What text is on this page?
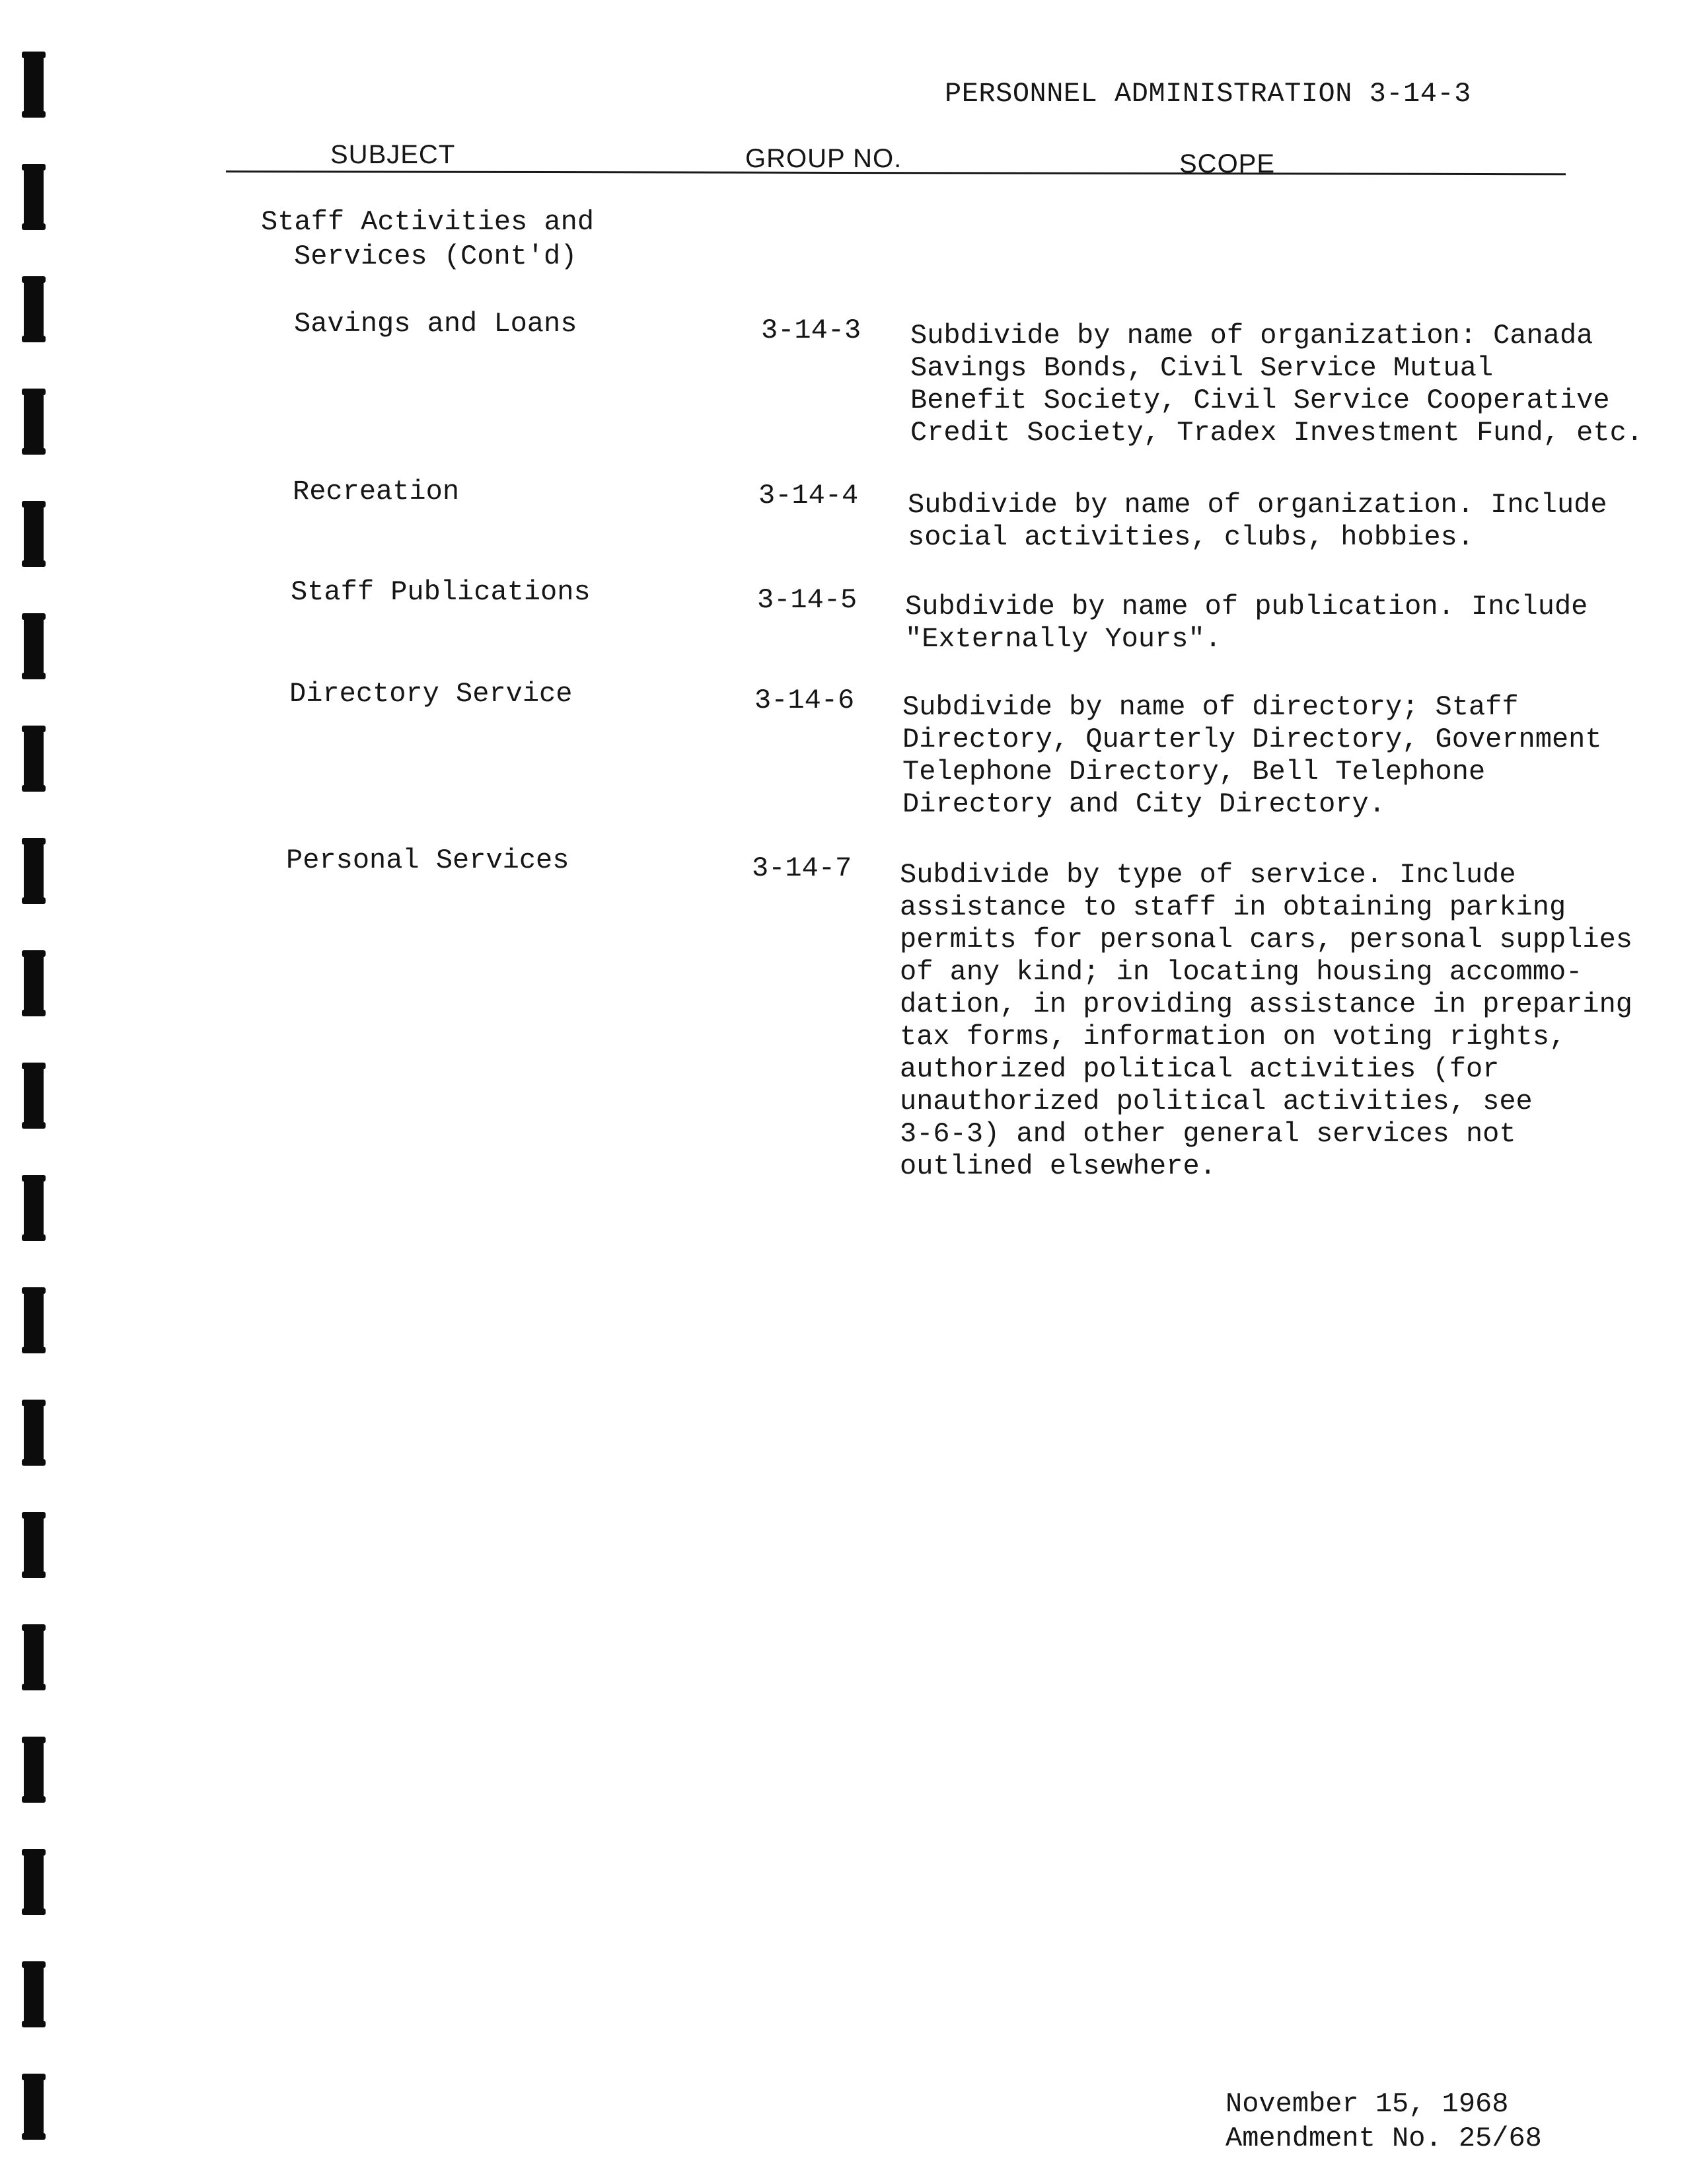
PERSONNEL ADMINISTRATION 3-14-3
SUBJECT	GROUP NO.	SCOPE
Staff Activities and
Services (Cont'd)
Savings and Loans	3-14-3 Subdivide by name of organization: Canada
Savings Bonds, Civil Service Mutual
Benefit Society, Civil Service Cooperative
Credit Society, Tradex Investment Fund, etc.
Recreation	3-14-4 Subdivide by name of organization. Include
social activities, clubs, hobbies.
Staff Publications	3-14-5 Subdivide by name of publication. Include
"Externally Yours".
Directory Service	3-14-6 Subdivide by name of directory; Staff
Directory, Quarterly Directory, Government
Telephone Directory, Bell Telephone
Directory and City Directory.
Personal Services	3-14-7 Subdivide by type of service. Include
assistance to staff in obtaining parking
permits for personal cars, personal supplies
of any kind; in locating housing accommo-
dation, in providing assistance in preparing
tax forms, information on voting rights,
authorized political activities (for
unauthorized political activities, see
3-6-3) and other general services not
outlined elsewhere.
November 15, 1968
Amendment No. 25/68
